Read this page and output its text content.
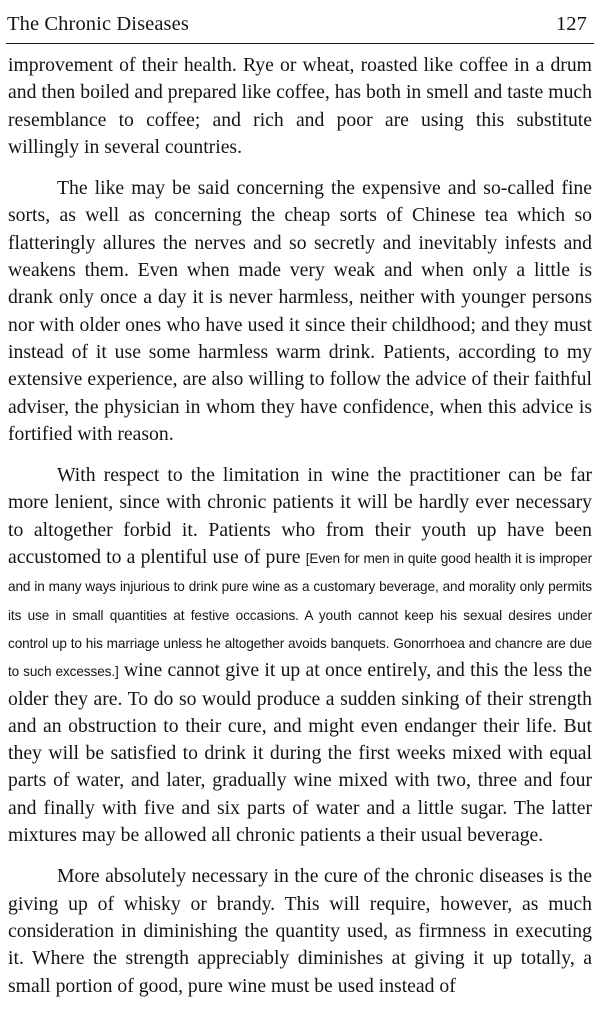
The Chronic Diseases	127

improvement of their health. Rye or wheat, roasted like coffee in a drum and then boiled and prepared like coffee, has both in smell and taste much resemblance to coffee; and rich and poor are using this substitute willingly in several countries.

The like may be said concerning the expensive and so-called fine sorts, as well as concerning the cheap sorts of Chinese tea which so flatteringly allures the nerves and so secretly and inevitably infests and weakens them. Even when made very weak and when only a little is drank only once a day it is never harmless, neither with younger persons nor with older ones who have used it since their childhood; and they must instead of it use some harmless warm drink. Patients, according to my extensive experience, are also willing to follow the advice of their faithful adviser, the physician in whom they have confidence, when this advice is fortified with reason.

With respect to the limitation in wine the practitioner can be far more lenient, since with chronic patients it will be hardly ever necessary to altogether forbid it. Patients who from their youth up have been accustomed to a plentiful use of pure [Even for men in quite good health it is improper and in many ways injurious to drink pure wine as a customary beverage, and morality only permits its use in small quantities at festive occasions. A youth cannot keep his sexual desires under control up to his marriage unless he altogether avoids banquets. Gonorrhoea and chancre are due to such excesses.] wine cannot give it up at once entirely, and this the less the older they are. To do so would produce a sudden sinking of their strength and an obstruction to their cure, and might even endanger their life. But they will be satisfied to drink it during the first weeks mixed with equal parts of water, and later, gradually wine mixed with two, three and four and finally with five and six parts of water and a little sugar. The latter mixtures may be allowed all chronic patients a their usual beverage.

More absolutely necessary in the cure of the chronic diseases is the giving up of whisky or brandy. This will require, however, as much consideration in diminishing the quantity used, as firmness in executing it. Where the strength appreciably diminishes at giving it up totally, a small portion of good, pure wine must be used instead of
